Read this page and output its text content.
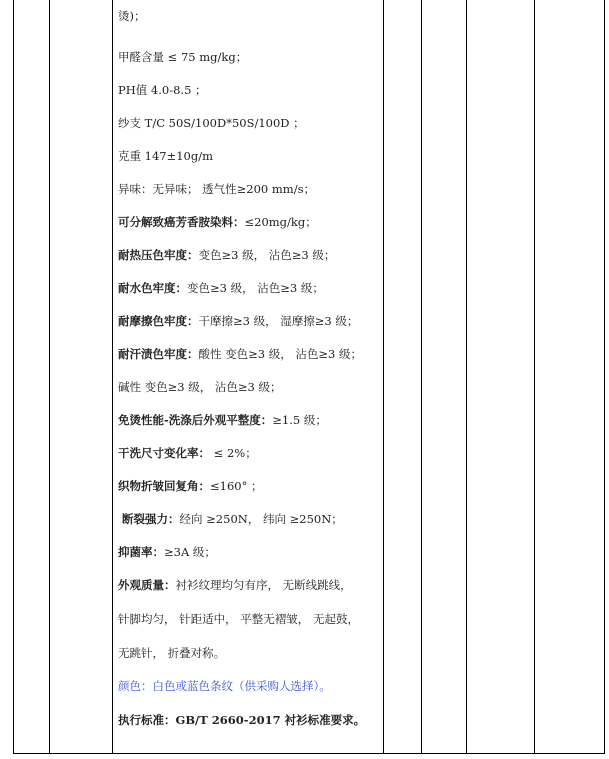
烫)；
甲醛含量 ≤ 75 mg/kg；
PH值 4.0-8.5 ；
纱支 T/C 50S/100D*50S/100D ；
克重 147±10g/m
异味：无异味； 透气性≥200 mm/s；
可分解致癌芳香胺染料：≤20mg/kg；
耐热压色牢度：变色≥3 级， 沾色≥3 级；
耐水色牢度：变色≥3 级， 沾色≥3 级；
耐摩擦色牢度：干摩擦≥3 级， 湿摩擦≥3 级；
耐汗渍色牢度：酸性 变色≥3 级， 沾色≥3 级；
碱性 变色≥3 级， 沾色≥3 级；
免烫性能-洗涤后外观平整度：≥1.5 级；
干洗尺寸变化率： ≤ 2%；
织物折皱回复角：≤160° ；
断裂强力：经向 ≥250N， 纬向 ≥250N；
抑菌率：≥3A 级；
外观质量：衬衫纹理均匀有序， 无断线跳线，
针脚均匀， 针距适中， 平整无褶皱， 无起鼓，
无跳针， 折叠对称。
颜色：白色或蓝色条纹（供采购人选择）。
执行标准：GB/T 2660-2017 衬衫标准要求。
